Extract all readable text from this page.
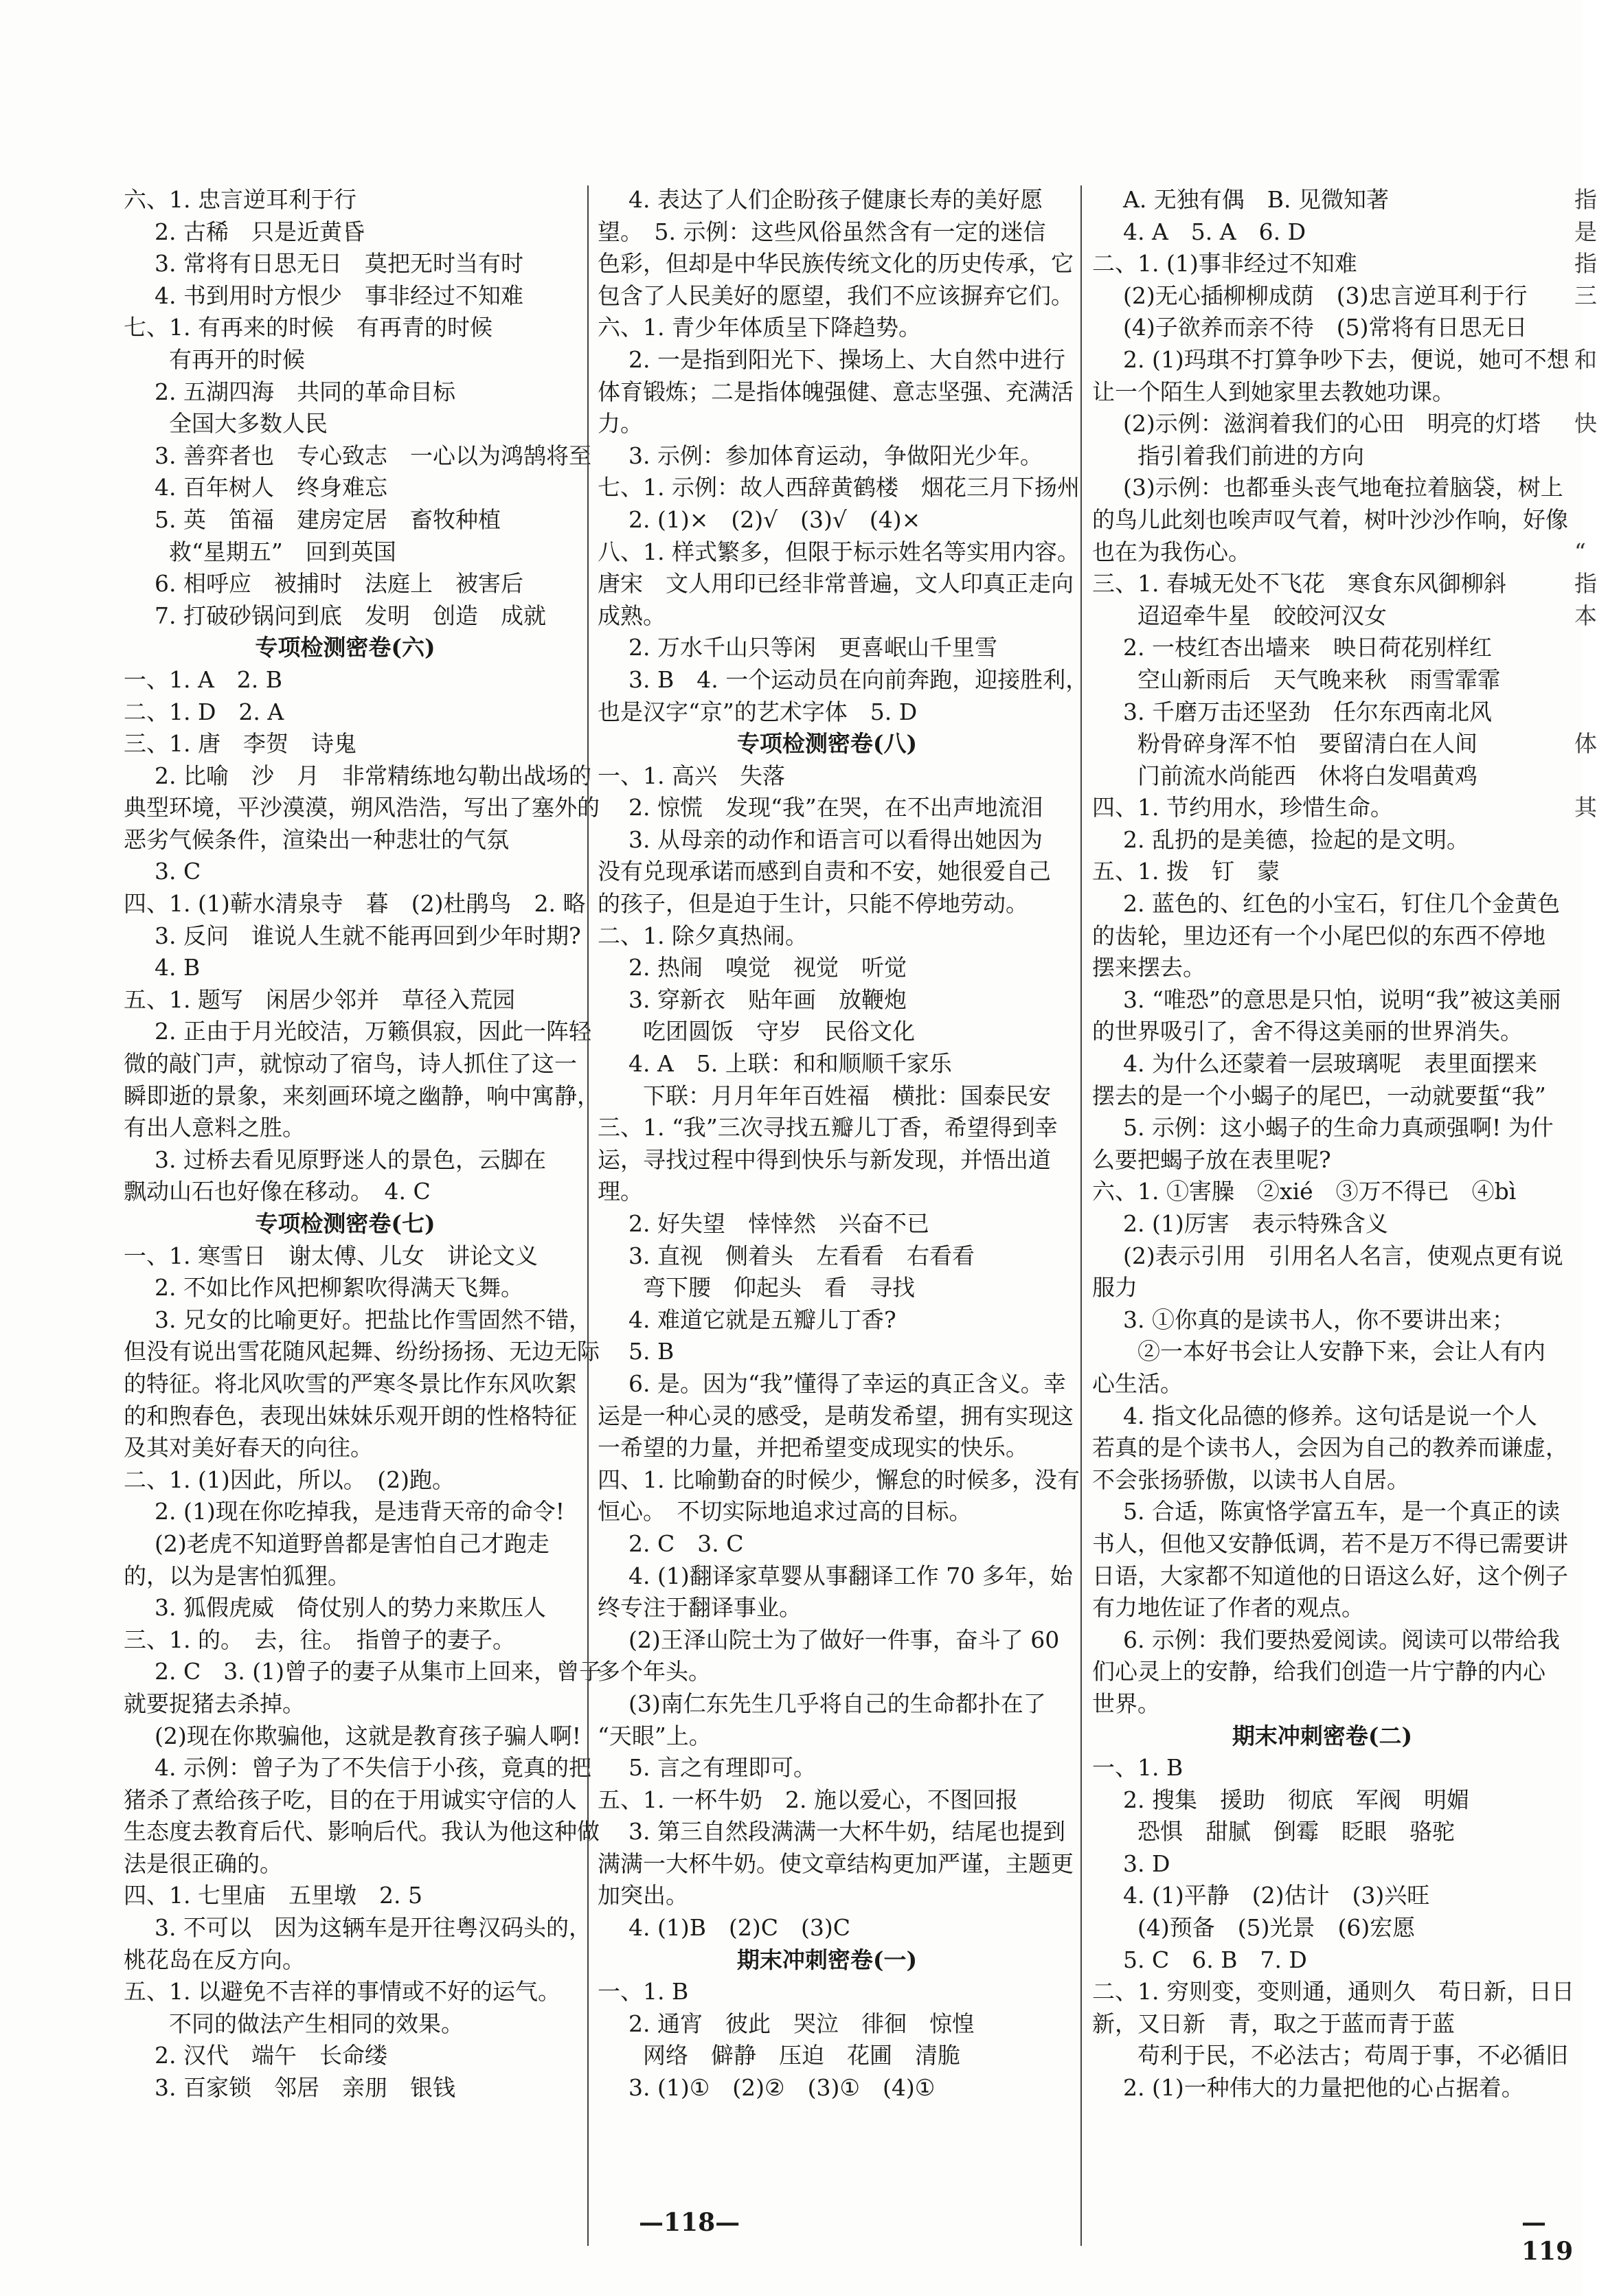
六、1. 忠言逆耳利于行
2. 古稀　只是近黄昏
3. 常将有日思无日　莫把无时当有时
4. 书到用时方恨少　事非经过不知难
七、1. 有再来的时候　有再青的时候
有再开的时候
2. 五湖四海　共同的革命目标
全国大多数人民
3. 善弈者也　专心致志　一心以为鸿鹄将至
4. 百年树人　终身难忘
5. 英　笛福　建房定居　畜牧种植
救“星期五”　回到英国
6. 相呼应　被捕时　法庭上　被害后
7. 打破砂锅问到底　发明　创造　成就
专项检测密卷(六)
一、1. A　2. B
二、1. D　2. A
三、1. 唐　李贺　诗鬼
2. 比喻　沙　月　非常精练地勾勒出战场的
典型环境，平沙漠漠，朔风浩浩，写出了塞外的
恶劣气候条件，渲染出一种悲壮的气氛
3. C
四、1. (1)蕲水清泉寺　暮　(2)杜鹃鸟　2. 略
3. 反问　谁说人生就不能再回到少年时期?
4. B
五、1. 题写　闲居少邻并　草径入荒园
2. 正由于月光皎洁，万籁俱寂，因此一阵轻
微的敲门声，就惊动了宿鸟，诗人抓住了这一
瞬即逝的景象，来刻画环境之幽静，响中寓静，
有出人意料之胜。
3. 过桥去看见原野迷人的景色，云脚在
飘动山石也好像在移动。　4. C
专项检测密卷(七)
一、1. 寒雪日　谢太傅、儿女　讲论文义
2. 不如比作风把柳絮吹得满天飞舞。
3. 兄女的比喻更好。把盐比作雪固然不错，
但没有说出雪花随风起舞、纷纷扬扬、无边无际
的特征。将北风吹雪的严寒冬景比作东风吹絮
的和煦春色，表现出妹妹乐观开朗的性格特征
及其对美好春天的向往。
二、1. (1)因此，所以。　(2)跑。
2. (1)现在你吃掉我，是违背天帝的命令!
(2)老虎不知道野兽都是害怕自己才跑走
的，以为是害怕狐狸。
3. 狐假虎威　倚仗别人的势力来欺压人
三、1. 的。　去，往。　指曾子的妻子。
2. C　3. (1)曾子的妻子从集市上回来，曾子
就要捉猪去杀掉。
(2)现在你欺骗他，这就是教育孩子骗人啊!
4. 示例：曾子为了不失信于小孩，竟真的把
猪杀了煮给孩子吃，目的在于用诚实守信的人
生态度去教育后代、影响后代。我认为他这种做
法是很正确的。
四、1. 七里庙　五里墩　2. 5
3. 不可以　因为这辆车是开往粤汉码头的，
桃花岛在反方向。
五、1. 以避免不吉祥的事情或不好的运气。
不同的做法产生相同的效果。
2. 汉代　端午　长命缕
3. 百家锁　邻居　亲朋　银钱
4. 表达了人们企盼孩子健康长寿的美好愿
望。　5. 示例：这些风俗虽然含有一定的迷信
色彩，但却是中华民族传统文化的历史传承，它
包含了人民美好的愿望，我们不应该摒弃它们。
六、1. 青少年体质呈下降趋势。
2. 一是指到阳光下、操场上、大自然中进行
体育锻炼；二是指体魄强健、意志坚强、充满活
力。
3. 示例：参加体育运动，争做阳光少年。
七、1. 示例：故人西辞黄鹤楼　烟花三月下扬州
2. (1)×　(2)√　(3)√　(4)×
八、1. 样式繁多，但限于标示姓名等实用内容。
唐宋　文人用印已经非常普遍，文人印真正走向
成熟。
2. 万水千山只等闲　更喜岷山千里雪
3. B　4. 一个运动员在向前奔跑，迎接胜利，
也是汉字“京”的艺术字体　5. D
专项检测密卷(八)
一、1. 高兴　失落
2. 惊慌　发现“我”在哭，在不出声地流泪
3. 从母亲的动作和语言可以看得出她因为
没有兑现承诺而感到自责和不安，她很爱自己
的孩子，但是迫于生计，只能不停地劳动。
二、1. 除夕真热闹。
2. 热闹　嗅觉　视觉　听觉
3. 穿新衣　贴年画　放鞭炮
吃团圆饭　守岁　民俗文化
4. A　5. 上联：和和顺顺千家乐
下联：月月年年百姓福　横批：国泰民安
三、1. “我”三次寻找五瓣儿丁香，希望得到幸
运，寻找过程中得到快乐与新发现，并悟出道
理。
2. 好失望　悻悻然　兴奋不已
3. 直视　侧着头　左看看　右看看
弯下腰　仰起头　看　寻找
4. 难道它就是五瓣儿丁香?
5. B
6. 是。因为“我”懂得了幸运的真正含义。幸
运是一种心灵的感受，是萌发希望，拥有实现这
一希望的力量，并把希望变成现实的快乐。
四、1. 比喻勤奋的时候少，懈怠的时候多，没有
恒心。　不切实际地追求过高的目标。
2. C　3. C
4. (1)翻译家草婴从事翻译工作 70 多年，始
终专注于翻译事业。
(2)王泽山院士为了做好一件事，奋斗了 60
多个年头。
(3)南仁东先生几乎将自己的生命都扑在了
“天眼”上。
5. 言之有理即可。
五、1. 一杯牛奶　2. 施以爱心，不图回报
3. 第三自然段满满一大杯牛奶，结尾也提到
满满一大杯牛奶。使文章结构更加严谨，主题更
加突出。
4. (1)B　(2)C　(3)C
期末冲刺密卷(一)
一、1. B
2. 通宵　彼此　哭泣　徘徊　惊惶
网络　僻静　压迫　花圃　清脆
3. (1)①　(2)②　(3)①　(4)①
A. 无独有偶　B. 见微知著
4. A　5. A　6. D
二、1. (1)事非经过不知难
(2)无心插柳柳成荫　(3)忠言逆耳利于行
(4)子欲养而亲不待　(5)常将有日思无日
2. (1)玛琪不打算争吵下去，便说，她可不想
让一个陌生人到她家里去教她功课。
(2)示例：滋润着我们的心田　明亮的灯塔
指引着我们前进的方向
(3)示例：也都垂头丧气地奄拉着脑袋，树上
的鸟儿此刻也唉声叹气着，树叶沙沙作响，好像
也在为我伤心。
三、1. 春城无处不飞花　寒食东风御柳斜
迢迢牵牛星　皎皎河汉女
2. 一枝红杏出墙来　映日荷花别样红
空山新雨后　天气晚来秋　雨雪霏霏
3. 千磨万击还坚劲　任尔东西南北风
粉骨碎身浑不怕　要留清白在人间
门前流水尚能西　休将白发唱黄鸡
四、1. 节约用水，珍惜生命。
2. 乱扔的是美德，捡起的是文明。
五、1. 拨　钉　蒙
2. 蓝色的、红色的小宝石，钉住几个金黄色
的齿轮，里边还有一个小尾巴似的东西不停地
摆来摆去。
3. “唯恐”的意思是只怕，说明“我”被这美丽
的世界吸引了，舍不得这美丽的世界消失。
4. 为什么还蒙着一层玻璃呢　表里面摆来
摆去的是一个小蝎子的尾巴，一动就要蜇“我”
5. 示例：这小蝎子的生命力真顽强啊! 为什
么要把蝎子放在表里呢?
六、1. ①害臊　②xié　③万不得已　④bì
2. (1)厉害　表示特殊含义
(2)表示引用　引用名人名言，使观点更有说
服力
3. ①你真的是读书人，你不要讲出来；
②一本好书会让人安静下来，会让人有内
心生活。
4. 指文化品德的修养。这句话是说一个人
若真的是个读书人，会因为自己的教养而谦虚，
不会张扬骄傲，以读书人自居。
5. 合适，陈寅恪学富五车，是一个真正的读
书人，但他又安静低调，若不是万不得已需要讲
日语，大家都不知道他的日语这么好，这个例子
有力地佐证了作者的观点。
6. 示例：我们要热爱阅读。阅读可以带给我
们心灵上的安静，给我们创造一片宁静的内心
世界。
期末冲刺密卷(二)
一、1. B
2. 搜集　援助　彻底　军阀　明媚
恐惧　甜腻　倒霉　眨眼　骆驼
3. D
4. (1)平静　(2)估计　(3)兴旺
(4)预备　(5)光景　(6)宏愿
5. C　6. B　7. D
二、1. 穷则变，变则通，通则久　苟日新，日日
新，又日新　青，取之于蓝而青于蓝
苟利于民，不必法古；苟周于事，不必循旧
2. (1)一种伟大的力量把他的心占据着。
指
是
指
三
和
快
“
指
本
体
其
—118—	—119
